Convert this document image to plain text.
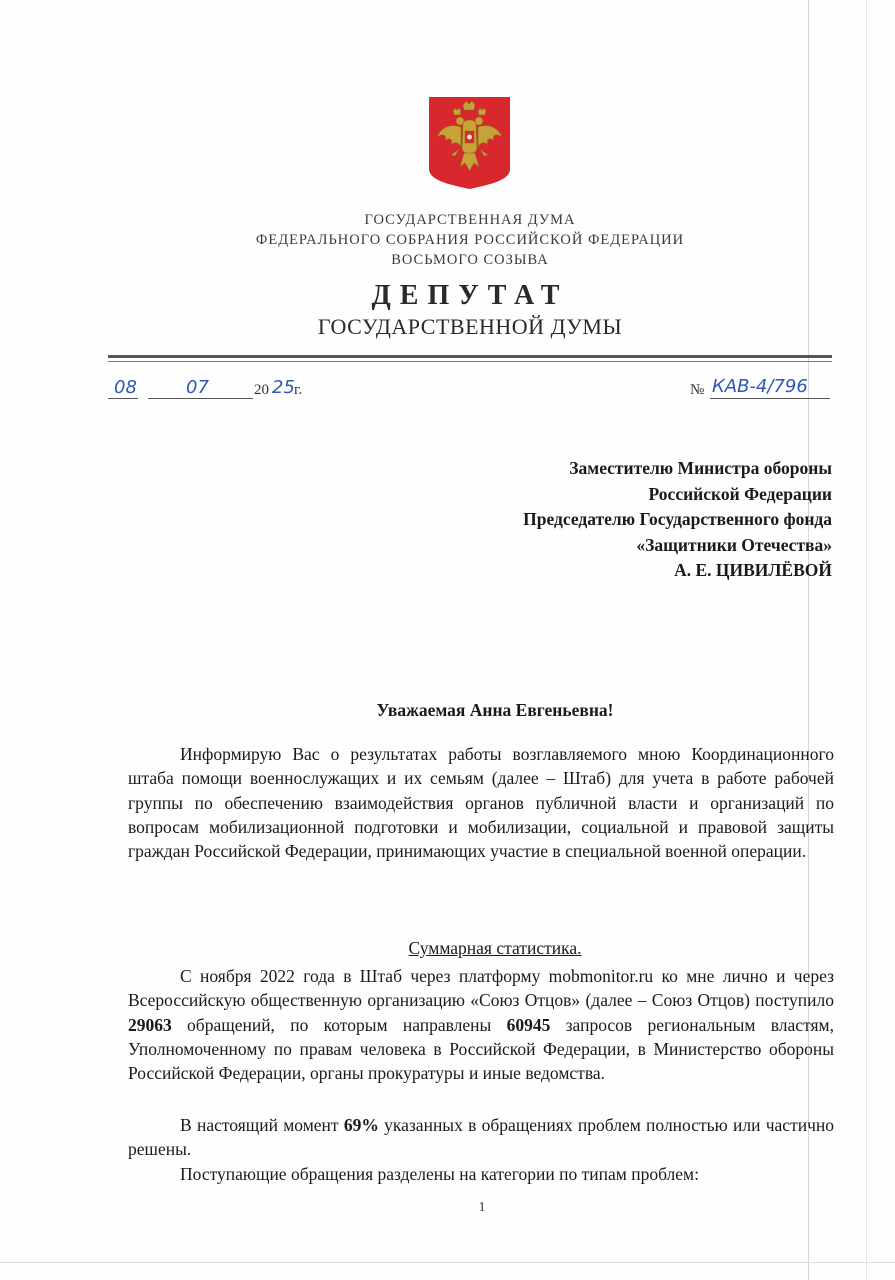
ГОСУДАРСТВЕННАЯ ДУМА
ФЕДЕРАЛЬНОГО СОБРАНИЯ РОССИЙСКОЙ ФЕДЕРАЦИИ
ВОСЬМОГО СОЗЫВА
ДЕПУТАТ
ГОСУДАРСТВЕННОЙ ДУМЫ
08	07	20 25 г.	№ КАВ-4/796
Заместителю Министра обороны
Российской Федерации
Председателю Государственного фонда
«Защитники Отечества»
А. Е. ЦИВИЛЁВОЙ
Уважаемая Анна Евгеньевна!

Информирую Вас о результатах работы возглавляемого мною Координационного штаба помощи военнослужащих и их семьям (далее – Штаб) для учета в работе рабочей группы по обеспечению взаимодействия органов публичной власти и организаций по вопросам мобилизационной подготовки и мобилизации, социальной и правовой защиты граждан Российской Федерации, принимающих участие в специальной военной операции.

Суммарная статистика.

С ноября 2022 года в Штаб через платформу mobmonitor.ru ко мне лично и через Всероссийскую общественную организацию «Союз Отцов» (далее – Союз Отцов) поступило 29063 обращений, по которым направлены 60945 запросов региональным властям, Уполномоченному по правам человека в Российской Федерации, в Министерство обороны Российской Федерации, органы прокуратуры и иные ведомства.

В настоящий момент 69% указанных в обращениях проблем полностью или частично решены.

Поступающие обращения разделены на категории по типам проблем:

1
